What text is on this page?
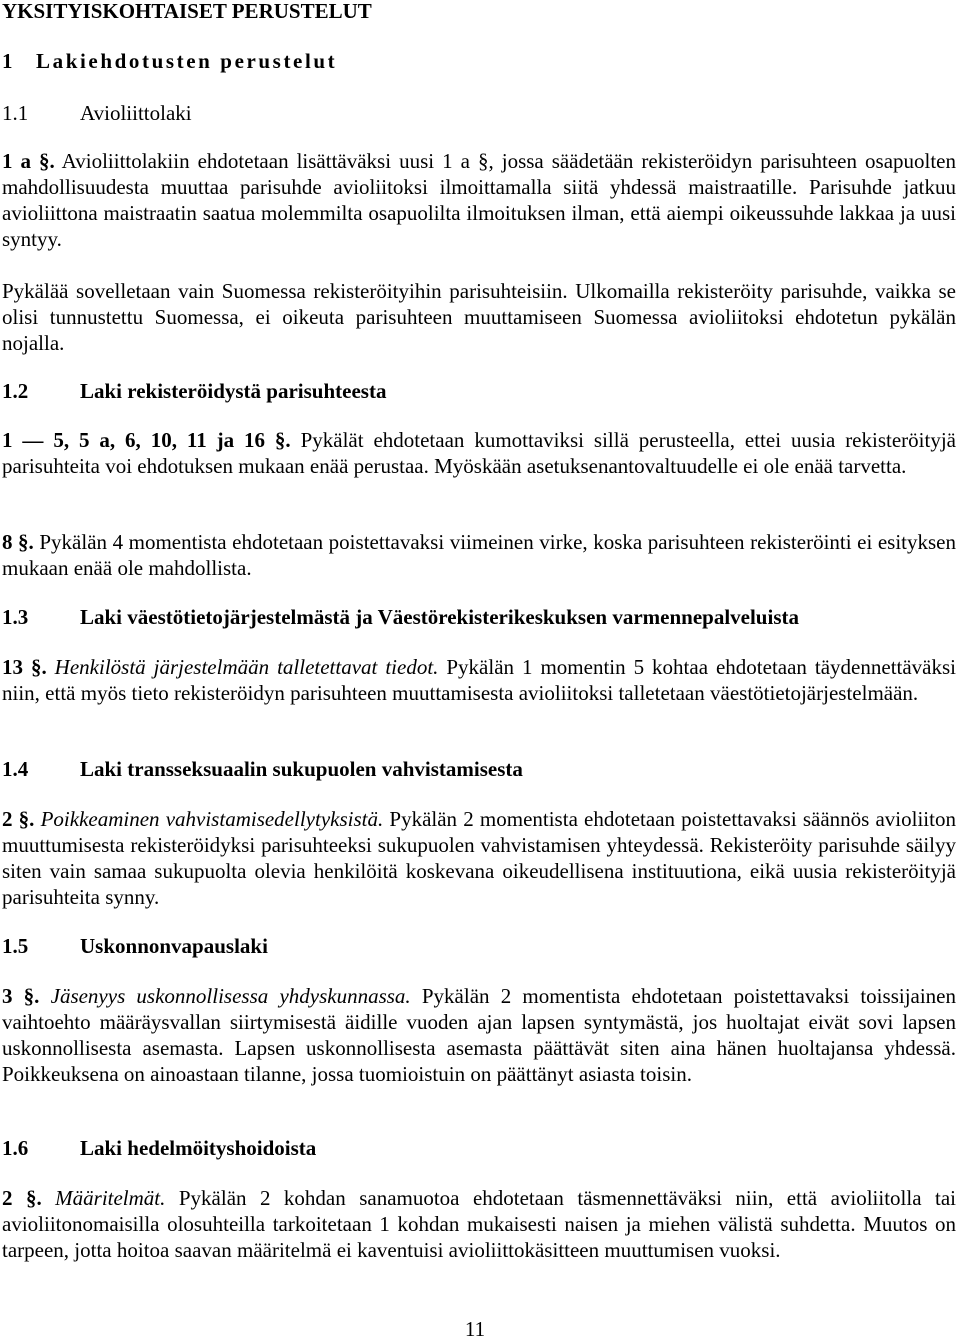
YKSITYISKOHTAISET PERUSTELUT
1 Lakiehdotusten perustelut
1.1 Avioliittolaki

1 a §. Avioliittolakiin ehdotetaan lisättäväksi uusi 1 a §, jossa säädetään rekisteröidyn parisuhteen osapuolten mahdollisuudesta muuttaa parisuhde avioliitoksi ilmoittamalla siitä yhdessä maistraatille. Parisuhde jatkuu avioliittona maistraatin saatua molemmilta osapuolilta ilmoituksen ilman, että aiempi oikeussuhde lakkaa ja uusi syntyy.

Pykälää sovelletaan vain Suomessa rekisteröityihin parisuhteisiin. Ulkomailla rekisteröity parisuhde, vaikka se olisi tunnustettu Suomessa, ei oikeuta parisuhteen muuttamiseen Suomessa avioliitoksi ehdotetun pykälän nojalla.

1.2 Laki rekisteröidystä parisuhteesta

1 — 5, 5 a, 6, 10, 11 ja 16 §. Pykälät ehdotetaan kumottaviksi sillä perusteella, ettei uusia rekisteröityjä parisuhteita voi ehdotuksen mukaan enää perustaa. Myöskään asetuksenantovaltuudelle ei ole enää tarvetta.

8 §. Pykälän 4 momentista ehdotetaan poistettavaksi viimeinen virke, koska parisuhteen rekisteröinti ei esityksen mukaan enää ole mahdollista.

1.3 Laki väestötietojärjestelmästä ja Väestörekisterikeskuksen varmennepalveluista

13 §. Henkilöstä järjestelmään talletettavat tiedot. Pykälän 1 momentin 5 kohtaa ehdotetaan täydennettäväksi niin, että myös tieto rekisteröidyn parisuhteen muuttamisesta avioliitoksi talletetaan väestötietojärjestelmään.

1.4 Laki transseksuaalin sukupuolen vahvistamisesta

2 §. Poikkeaminen vahvistamisedellytyksistä. Pykälän 2 momentista ehdotetaan poistettavaksi säännös avioliiton muuttumisesta rekisteröidyksi parisuhteeksi sukupuolen vahvistamisen yhteydessä. Rekisteröity parisuhde säilyy siten vain samaa sukupuolta olevia henkilöitä koskevana oikeudellisena instituutiona, eikä uusia rekisteröityjä parisuhteita synny.

1.5 Uskonnonvapauslaki

3 §. Jäsenyys uskonnollisessa yhdyskunnassa. Pykälän 2 momentista ehdotetaan poistettavaksi toissijainen vaihtoehto määräysvallan siirtymisestä äidille vuoden ajan lapsen syntymästä, jos huoltajat eivät sovi lapsen uskonnollisesta asemasta. Lapsen uskonnollisesta asemasta päättävät siten aina hänen huoltajansa yhdessä. Poikkeuksena on ainoastaan tilanne, jossa tuomioistuin on päättänyt asiasta toisin.

1.6 Laki hedelmöityshoidoista

2 §. Määritelmät. Pykälän 2 kohdan sanamuotoa ehdotetaan täsmennettäväksi niin, että avioliitolla tai avioliitonomaisilla olosuhteilla tarkoitetaan 1 kohdan mukaisesti naisen ja miehen välistä suhdetta. Muutos on tarpeen, jotta hoitoa saavan määritelmä ei kaventuisi avioliittokäsitteen muuttumisen vuoksi.

11
